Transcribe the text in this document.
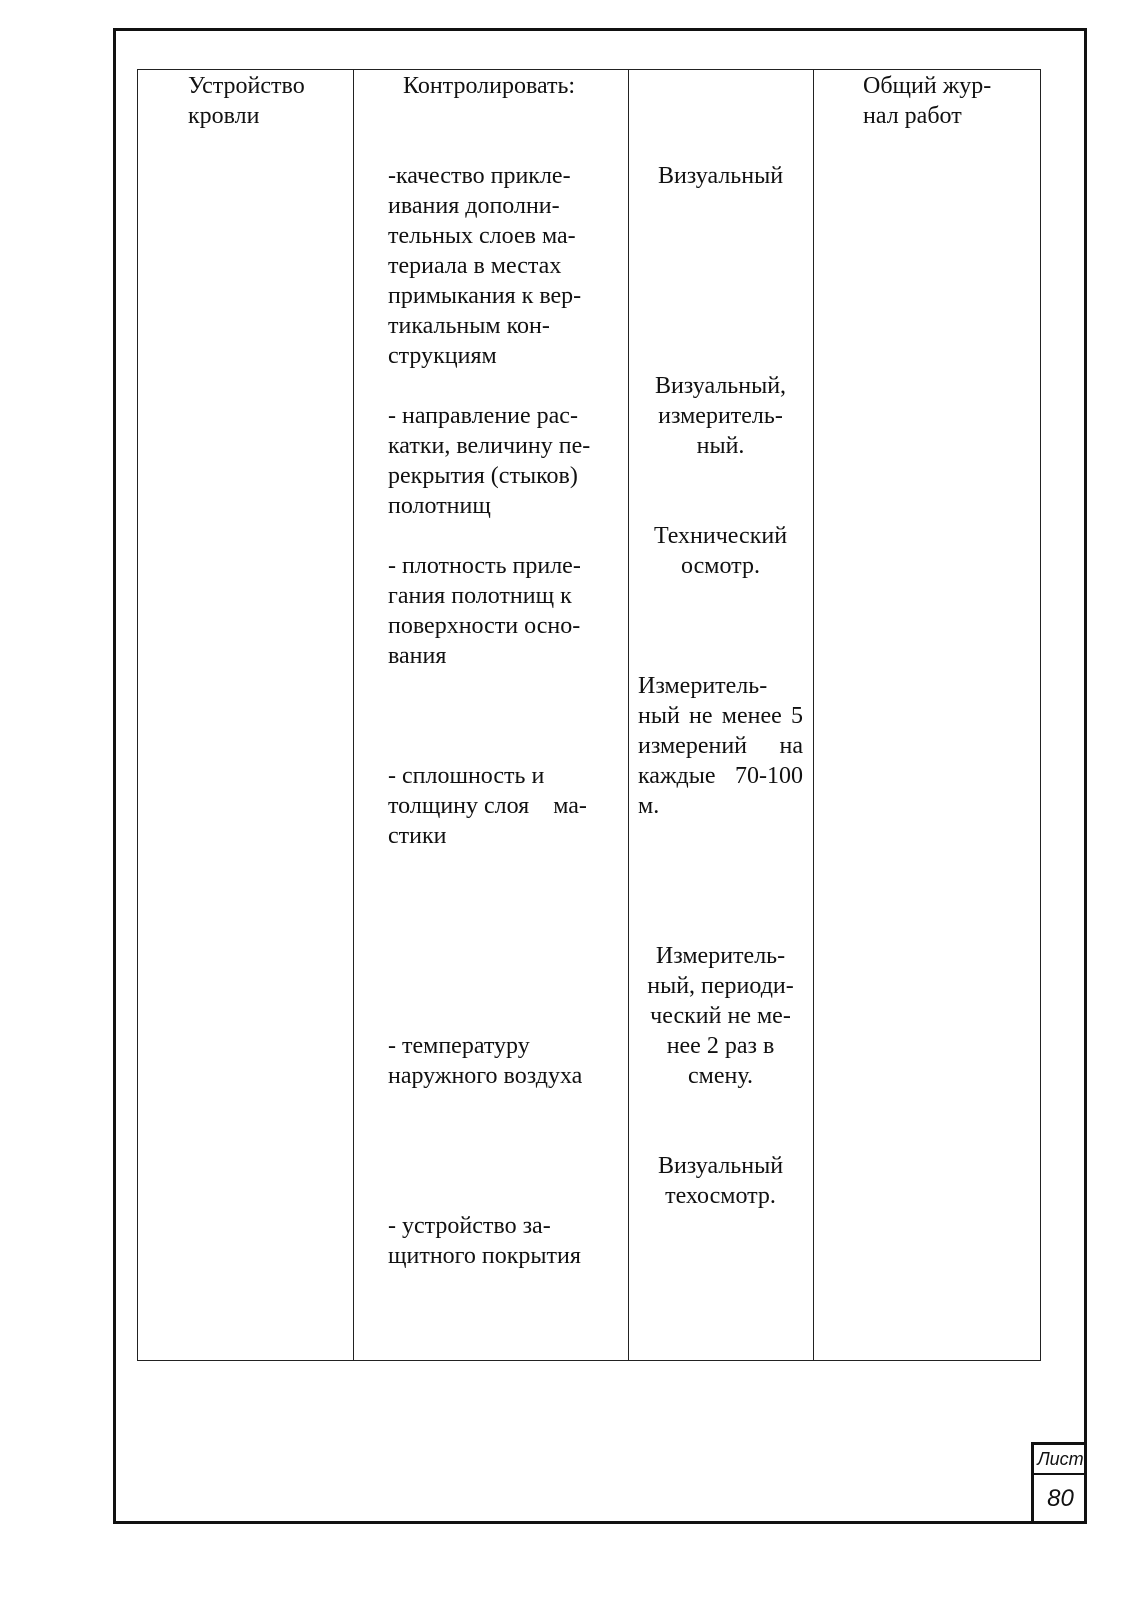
Устройство
кровли
Контролировать:
-качество прикле-
ивания дополни-
тельных слоев ма-
териала в местах
примыкания к вер-
тикальным кон-
струкциям
- направление рас-
катки, величину пе-
рекрытия (стыков)
полотнищ
- плотность прилe-
гания полотнищ к
поверхности осно-
вания
- сплошность и
толщину слоя    ма-
стики
- температуру
наружного воздуха
- устройство за-
щитного покрытия
Визуальный
Визуальный,
измеритель-
ный.
Технический
осмотр.
Измеритель- ный не менее 5 измерений на каждые 70-100 м.
Измеритель-
ный, периоди-
ческий не ме-
нее 2 раз в
смену.
Визуальный
техосмотр.
Общий жур-
нал работ
Лист
80
